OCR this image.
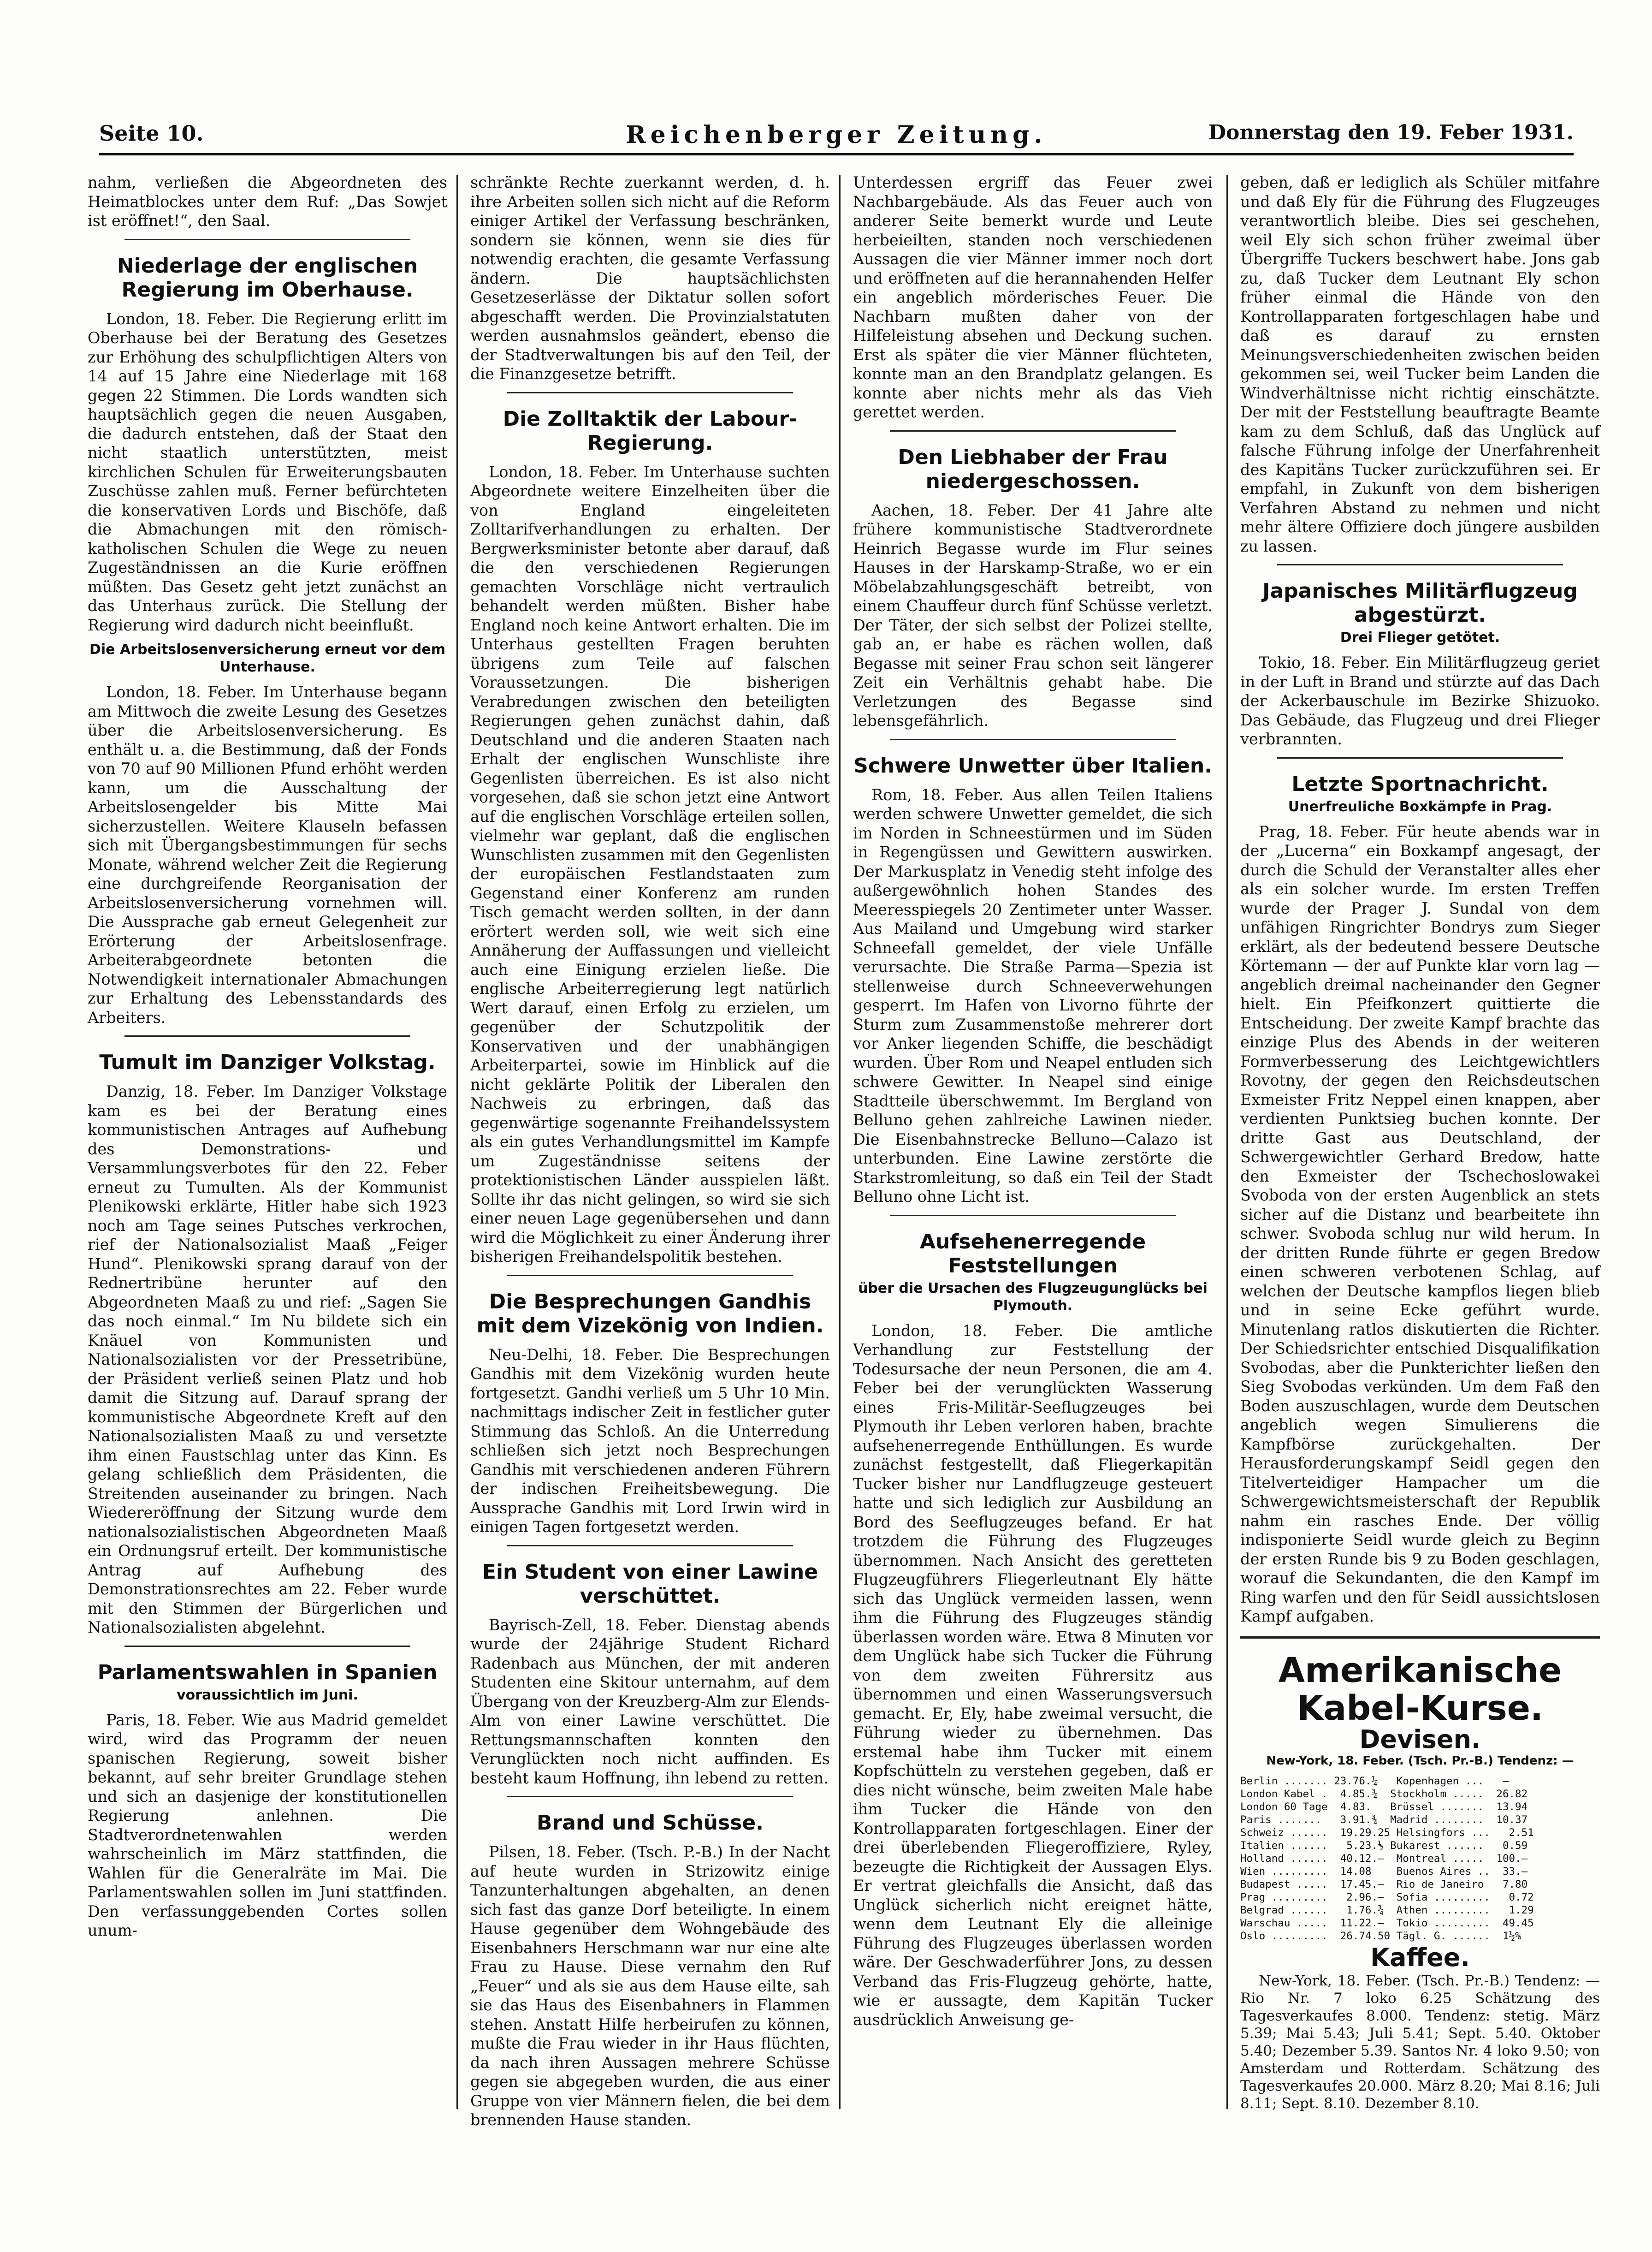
Seite 10.	Reichenberger Zeitung.	Donnerstag den 19. Feber 1931.

nahm, verließen die Abgeordneten des Heimatblockes unter dem Ruf: „Das Sowjet ist eröffnet!“, den Saal.

Niederlage der englischen Regierung im Oberhause.

London, 18. Feber. Die Regierung erlitt im Oberhause bei der Beratung des Gesetzes zur Erhöhung des schulpflichtigen Alters von 14 auf 15 Jahre eine Niederlage mit 168 gegen 22 Stimmen. Die Lords wandten sich hauptsächlich gegen die neuen Ausgaben, die dadurch entstehen, daß der Staat den nicht staatlich unterstützten, meist kirchlichen Schulen für Erweiterungsbauten Zuschüsse zahlen muß. Ferner befürchteten die konservativen Lords und Bischöfe, daß die Abmachungen mit den römisch-katholischen Schulen die Wege zu neuen Zugeständnissen an die Kurie eröffnen müßten. Das Gesetz geht jetzt zunächst an das Unterhaus zurück. Die Stellung der Regierung wird dadurch nicht beeinflußt.

Die Arbeitslosenversicherung erneut vor dem Unterhause.

London, 18. Feber. Im Unterhause begann am Mittwoch die zweite Lesung des Gesetzes über die Arbeitslosenversicherung. Es enthält u. a. die Bestimmung, daß der Fonds von 70 auf 90 Millionen Pfund erhöht werden kann, um die Ausschaltung der Arbeitslosengelder bis Mitte Mai sicherzustellen. Weitere Klauseln befassen sich mit Übergangsbestimmungen für sechs Monate, während welcher Zeit die Regierung eine durchgreifende Reorganisation der Arbeitslosenversicherung vornehmen will. Die Aussprache gab erneut Gelegenheit zur Erörterung der Arbeitslosenfrage. Arbeiterabgeordnete betonten die Notwendigkeit internationaler Abmachungen zur Erhaltung des Lebensstandards des Arbeiters.

Tumult im Danziger Volkstag.

Danzig, 18. Feber. Im Danziger Volkstage kam es bei der Beratung eines kommunistischen Antrages auf Aufhebung des Demonstrations- und Versammlungsverbotes für den 22. Feber erneut zu Tumulten. Als der Kommunist Plenikowski erklärte, Hitler habe sich 1923 noch am Tage seines Putsches verkrochen, rief der Nationalsozialist Maaß „Feiger Hund“. Plenikowski sprang darauf von der Rednertribüne herunter auf den Abgeordneten Maaß zu und rief: „Sagen Sie das noch einmal.“ Im Nu bildete sich ein Knäuel von Kommunisten und Nationalsozialisten vor der Pressetribüne, der Präsident verließ seinen Platz und hob damit die Sitzung auf. Darauf sprang der kommunistische Abgeordnete Kreft auf den Nationalsozialisten Maaß zu und versetzte ihm einen Faustschlag unter das Kinn. Es gelang schließlich dem Präsidenten, die Streitenden auseinander zu bringen. Nach Wiedereröffnung der Sitzung wurde dem nationalsozialistischen Abgeordneten Maaß ein Ordnungsruf erteilt. Der kommunistische Antrag auf Aufhebung des Demonstrationsrechtes am 22. Feber wurde mit den Stimmen der Bürgerlichen und Nationalsozialisten abgelehnt.

Parlamentswahlen in Spanien
voraussichtlich im Juni.

Paris, 18. Feber. Wie aus Madrid gemeldet wird, wird das Programm der neuen spanischen Regierung, soweit bisher bekannt, auf sehr breiter Grundlage stehen und sich an dasjenige der konstitutionellen Regierung anlehnen. Die Stadtverordnetenwahlen werden wahrscheinlich im März stattfinden, die Wahlen für die Generalräte im Mai. Die Parlamentswahlen sollen im Juni stattfinden. Den verfassunggebenden Cortes sollen unum-

schränkte Rechte zuerkannt werden, d. h. ihre Arbeiten sollen sich nicht auf die Reform einiger Artikel der Verfassung beschränken, sondern sie können, wenn sie dies für notwendig erachten, die gesamte Verfassung ändern. Die hauptsächlichsten Gesetzeserlässe der Diktatur sollen sofort abgeschafft werden. Die Provinzialstatuten werden ausnahmslos geändert, ebenso die der Stadtverwaltungen bis auf den Teil, der die Finanzgesetze betrifft.

Die Zolltaktik der Labour-Regierung.

London, 18. Feber. Im Unterhause suchten Abgeordnete weitere Einzelheiten über die von England eingeleiteten Zolltarifverhandlungen zu erhalten. Der Bergwerksminister betonte aber darauf, daß die den verschiedenen Regierungen gemachten Vorschläge nicht vertraulich behandelt werden müßten. Bisher habe England noch keine Antwort erhalten. Die im Unterhaus gestellten Fragen beruhten übrigens zum Teile auf falschen Voraussetzungen. Die bisherigen Verabredungen zwischen den beteiligten Regierungen gehen zunächst dahin, daß Deutschland und die anderen Staaten nach Erhalt der englischen Wunschliste ihre Gegenlisten überreichen. Es ist also nicht vorgesehen, daß sie schon jetzt eine Antwort auf die englischen Vorschläge erteilen sollen, vielmehr war geplant, daß die englischen Wunschlisten zusammen mit den Gegenlisten der europäischen Festlandstaaten zum Gegenstand einer Konferenz am runden Tisch gemacht werden sollten, in der dann erörtert werden soll, wie weit sich eine Annäherung der Auffassungen und vielleicht auch eine Einigung erzielen ließe. Die englische Arbeiterregierung legt natürlich Wert darauf, einen Erfolg zu erzielen, um gegenüber der Schutzpolitik der Konservativen und der unabhängigen Arbeiterpartei, sowie im Hinblick auf die nicht geklärte Politik der Liberalen den Nachweis zu erbringen, daß das gegenwärtige sogenannte Freihandelssystem als ein gutes Verhandlungsmittel im Kampfe um Zugeständnisse seitens der protektionistischen Länder ausspielen läßt. Sollte ihr das nicht gelingen, so wird sie sich einer neuen Lage gegenübersehen und dann wird die Möglichkeit zu einer Änderung ihrer bisherigen Freihandelspolitik bestehen.

Die Besprechungen Gandhis mit dem Vizekönig von Indien.

Neu-Delhi, 18. Feber. Die Besprechungen Gandhis mit dem Vizekönig wurden heute fortgesetzt. Gandhi verließ um 5 Uhr 10 Min. nachmittags indischer Zeit in festlicher guter Stimmung das Schloß. An die Unterredung schließen sich jetzt noch Besprechungen Gandhis mit verschiedenen anderen Führern der indischen Freiheitsbewegung. Die Aussprache Gandhis mit Lord Irwin wird in einigen Tagen fortgesetzt werden.

Ein Student von einer Lawine verschüttet.

Bayrisch-Zell, 18. Feber. Dienstag abends wurde der 24jährige Student Richard Radenbach aus München, der mit anderen Studenten eine Skitour unternahm, auf dem Übergang von der Kreuzberg-Alm zur Elends-Alm von einer Lawine verschüttet. Die Rettungsmannschaften konnten den Verunglückten noch nicht auffinden. Es besteht kaum Hoffnung, ihn lebend zu retten.

Brand und Schüsse.

Pilsen, 18. Feber. (Tsch. P.-B.) In der Nacht auf heute wurden in Strizowitz einige Tanzunterhaltungen abgehalten, an denen sich fast das ganze Dorf beteiligte. In einem Hause gegenüber dem Wohngebäude des Eisenbahners Herschmann war nur eine alte Frau zu Hause. Diese vernahm den Ruf „Feuer“ und als sie aus dem Hause eilte, sah sie das Haus des Eisenbahners in Flammen stehen. Anstatt Hilfe herbeirufen zu können, mußte die Frau wieder in ihr Haus flüchten, da nach ihren Aussagen mehrere Schüsse gegen sie abgegeben wurden, die aus einer Gruppe von vier Männern fielen, die bei dem brennenden Hause standen.

Unterdessen ergriff das Feuer zwei Nachbargebäude. Als das Feuer auch von anderer Seite bemerkt wurde und Leute herbeieilten, standen noch verschiedenen Aussagen die vier Männer immer noch dort und eröffneten auf die herannahenden Helfer ein angeblich mörderisches Feuer. Die Nachbarn mußten daher von der Hilfeleistung absehen und Deckung suchen. Erst als später die vier Männer flüchteten, konnte man an den Brandplatz gelangen. Es konnte aber nichts mehr als das Vieh gerettet werden.

Den Liebhaber der Frau niedergeschossen.

Aachen, 18. Feber. Der 41 Jahre alte frühere kommunistische Stadtverordnete Heinrich Begasse wurde im Flur seines Hauses in der Harskamp-Straße, wo er ein Möbelabzahlungsgeschäft betreibt, von einem Chauffeur durch fünf Schüsse verletzt. Der Täter, der sich selbst der Polizei stellte, gab an, er habe es rächen wollen, daß Begasse mit seiner Frau schon seit längerer Zeit ein Verhältnis gehabt habe. Die Verletzungen des Begasse sind lebensgefährlich.

Schwere Unwetter über Italien.

Rom, 18. Feber. Aus allen Teilen Italiens werden schwere Unwetter gemeldet, die sich im Norden in Schneestürmen und im Süden in Regengüssen und Gewittern auswirken. Der Markusplatz in Venedig steht infolge des außergewöhnlich hohen Standes des Meeresspiegels 20 Zentimeter unter Wasser. Aus Mailand und Umgebung wird starker Schneefall gemeldet, der viele Unfälle verursachte. Die Straße Parma—Spezia ist stellenweise durch Schneeverwehungen gesperrt. Im Hafen von Livorno führte der Sturm zum Zusammenstoße mehrerer dort vor Anker liegenden Schiffe, die beschädigt wurden. Über Rom und Neapel entluden sich schwere Gewitter. In Neapel sind einige Stadtteile überschwemmt. Im Bergland von Belluno gehen zahlreiche Lawinen nieder. Die Eisenbahnstrecke Belluno—Calazo ist unterbunden. Eine Lawine zerstörte die Starkstromleitung, so daß ein Teil der Stadt Belluno ohne Licht ist.

Aufsehenerregende Feststellungen
über die Ursachen des Flugzeugunglücks bei Plymouth.

London, 18. Feber. Die amtliche Verhandlung zur Feststellung der Todesursache der neun Personen, die am 4. Feber bei der verunglückten Wasserung eines Fris-Militär-Seeflugzeuges bei Plymouth ihr Leben verloren haben, brachte aufsehenerregende Enthüllungen. Es wurde zunächst festgestellt, daß Fliegerkapitän Tucker bisher nur Landflugzeuge gesteuert hatte und sich lediglich zur Ausbildung an Bord des Seeflugzeuges befand. Er hat trotzdem die Führung des Flugzeuges übernommen. Nach Ansicht des geretteten Flugzeugführers Fliegerleutnant Ely hätte sich das Unglück vermeiden lassen, wenn ihm die Führung des Flugzeuges ständig überlassen worden wäre. Etwa 8 Minuten vor dem Unglück habe sich Tucker die Führung von dem zweiten Führersitz aus übernommen und einen Wasserungsversuch gemacht. Er, Ely, habe zweimal versucht, die Führung wieder zu übernehmen. Das erstemal habe ihm Tucker mit einem Kopfschütteln zu verstehen gegeben, daß er dies nicht wünsche, beim zweiten Male habe ihm Tucker die Hände von den Kontrollapparaten fortgeschlagen. Einer der drei überlebenden Fliegeroffiziere, Ryley, bezeugte die Richtigkeit der Aussagen Elys. Er vertrat gleichfalls die Ansicht, daß das Unglück sicherlich nicht ereignet hätte, wenn dem Leutnant Ely die alleinige Führung des Flugzeuges überlassen worden wäre. Der Geschwaderführer Jons, zu dessen Verband das Fris-Flugzeug gehörte, hatte, wie er aussagte, dem Kapitän Tucker ausdrücklich Anweisung ge-

geben, daß er lediglich als Schüler mitfahre und daß Ely für die Führung des Flugzeuges verantwortlich bleibe. Dies sei geschehen, weil Ely sich schon früher zweimal über Übergriffe Tuckers beschwert habe. Jons gab zu, daß Tucker dem Leutnant Ely schon früher einmal die Hände von den Kontrollapparaten fortgeschlagen habe und daß es darauf zu ernsten Meinungsverschiedenheiten zwischen beiden gekommen sei, weil Tucker beim Landen die Windverhältnisse nicht richtig einschätzte. Der mit der Feststellung beauftragte Beamte kam zu dem Schluß, daß das Unglück auf falsche Führung infolge der Unerfahrenheit des Kapitäns Tucker zurückzuführen sei. Er empfahl, in Zukunft von dem bisherigen Verfahren Abstand zu nehmen und nicht mehr ältere Offiziere doch jüngere ausbilden zu lassen.

Japanisches Militärflugzeug abgestürzt.
Drei Flieger getötet.

Tokio, 18. Feber. Ein Militärflugzeug geriet in der Luft in Brand und stürzte auf das Dach der Ackerbauschule im Bezirke Shizuoko. Das Gebäude, das Flugzeug und drei Flieger verbrannten.

Letzte Sportnachricht.
Unerfreuliche Boxkämpfe in Prag.

Prag, 18. Feber. Für heute abends war in der „Lucerna“ ein Boxkampf angesagt, der durch die Schuld der Veranstalter alles eher als ein solcher wurde. Im ersten Treffen wurde der Prager J. Sundal von dem unfähigen Ringrichter Bondrys zum Sieger erklärt, als der bedeutend bessere Deutsche Körtemann — der auf Punkte klar vorn lag — angeblich dreimal nacheinander den Gegner hielt. Ein Pfeifkonzert quittierte die Entscheidung. Der zweite Kampf brachte das einzige Plus des Abends in der weiteren Formverbesserung des Leichtgewichtlers Rovotny, der gegen den Reichsdeutschen Exmeister Fritz Neppel einen knappen, aber verdienten Punktsieg buchen konnte. Der dritte Gast aus Deutschland, der Schwergewichtler Gerhard Bredow, hatte den Exmeister der Tschechoslowakei Svoboda von der ersten Augenblick an stets sicher auf die Distanz und bearbeitete ihn schwer. Svoboda schlug nur wild herum. In der dritten Runde führte er gegen Bredow einen schweren verbotenen Schlag, auf welchen der Deutsche kampflos liegen blieb und in seine Ecke geführt wurde. Minutenlang ratlos diskutierten die Richter. Der Schiedsrichter entschied Disqualifikation Svobodas, aber die Punkterichter ließen den Sieg Svobodas verkünden. Um dem Faß den Boden auszuschlagen, wurde dem Deutschen angeblich wegen Simulierens die Kampfbörse zurückgehalten. Der Herausforderungskampf Seidl gegen den Titelverteidiger Hampacher um die Schwergewichtsmeisterschaft der Republik nahm ein rasches Ende. Der völlig indisponierte Seidl wurde gleich zu Beginn der ersten Runde bis 9 zu Boden geschlagen, worauf die Sekundanten, die den Kampf im Ring warfen und den für Seidl aussichtslosen Kampf aufgaben.

Amerikanische Kabel-Kurse.
Devisen.
New-York, 18. Feber. (Tsch. Pr.-B.) Tendenz: —
Berlin ....... 23.76.¼   Kopenhagen ...   —
London Kabel .  4.85.¾  Stockholm .....  26.82
London 60 Tage  4.83.   Brüssel .......  13.94
Paris .......   3.91.¾  Madrid ........  10.37
Schweiz ......  19.29.25 Helsingfors ...   2.51
Italien ......   5.23.½ Bukarest ......   0.59
Holland ......  40.12.—  Montreal .....  100.—
Wien .........  14.08    Buenos Aires ..  33.—
Budapest .....  17.45.—  Rio de Janeiro   7.80
Prag .........   2.96.—  Sofia .........   0.72
Belgrad ......   1.76.¾  Athen .........   1.29
Warschau .....  11.22.—  Tokio .........  49.45
Oslo .........  26.74.50 Tägl. G. ......  1½%
Kaffee.

New-York, 18. Feber. (Tsch. Pr.-B.) Tendenz: — Rio Nr. 7 loko 6.25 Schätzung des Tagesverkaufes 8.000. Tendenz: stetig. März 5.39; Mai 5.43; Juli 5.41; Sept. 5.40. Oktober 5.40; Dezember 5.39. Santos Nr. 4 loko 9.50; von Amsterdam und Rotterdam. Schätzung des Tagesverkaufes 20.000. März 8.20; Mai 8.16; Juli 8.11; Sept. 8.10. Dezember 8.10.
